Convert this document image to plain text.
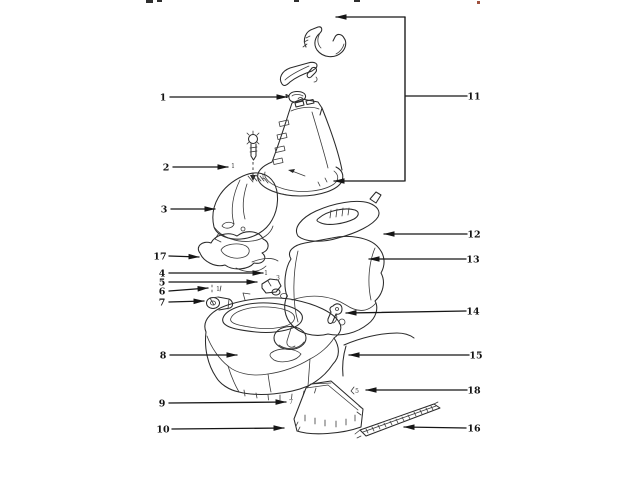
1
2
3
17
4
5
6
7
8
9
10
11
12
13
14
15
18
16
1
1
1
3
1
7
5
